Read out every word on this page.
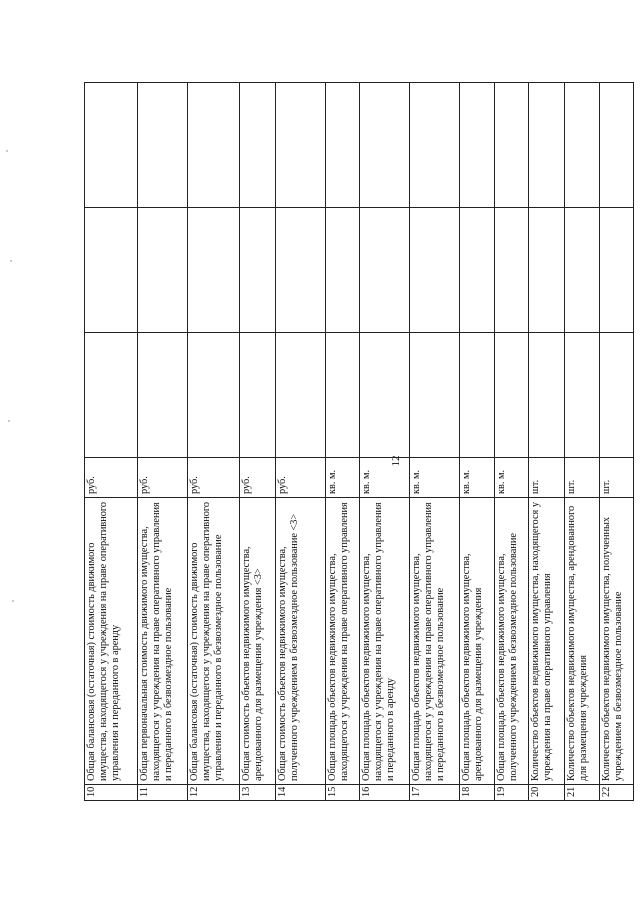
12
10	Общая балансовая (остаточная) стоимость движимого имущества, находящегося у учреждения на праве оперативного управления и переданного в аренду	руб.			
11	Общая первоначальная стоимость движимого имущества, находящегося у учреждения на праве оперативного управления и переданного в безвозмездное пользование	руб.			
12	Общая балансовая (остаточная) стоимость движимого имущества, находящегося у учреждения на праве оперативного управления и переданного в безвозмездное пользование	руб.			
13	Общая стоимость объектов недвижимого имущества, арендованного для размещения учреждения <3>	руб.			
14	Общая стоимость объектов недвижимого имущества, полученного учреждением в безвозмездное пользование <3>	руб.			
15	Общая площадь объектов недвижимого имущества, находящегося у учреждения на праве оперативного управления	кв. м.			
16	Общая площадь объектов недвижимого имущества, находящегося у учреждения на праве оперативного управления и переданного в аренду	кв. м.			
17	Общая площадь объектов недвижимого имущества, находящегося у учреждения на праве оперативного управления и переданного в безвозмездное пользование	кв. м.			
18	Общая площадь объектов недвижимого имущества, арендованного для размещения учреждения	кв. м.			
19	Общая площадь объектов недвижимого имущества, полученного учреждением в безвозмездное пользование	кв. м.			
20	Количество объектов недвижимого имущества, находящегося у учреждения на праве оперативного управления	шт.			
21	Количество объектов недвижимого имущества, арендованного для размещения учреждения	шт.			
22	Количество объектов недвижимого имущества, полученных учреждением в безвозмездное пользование	шт.			
